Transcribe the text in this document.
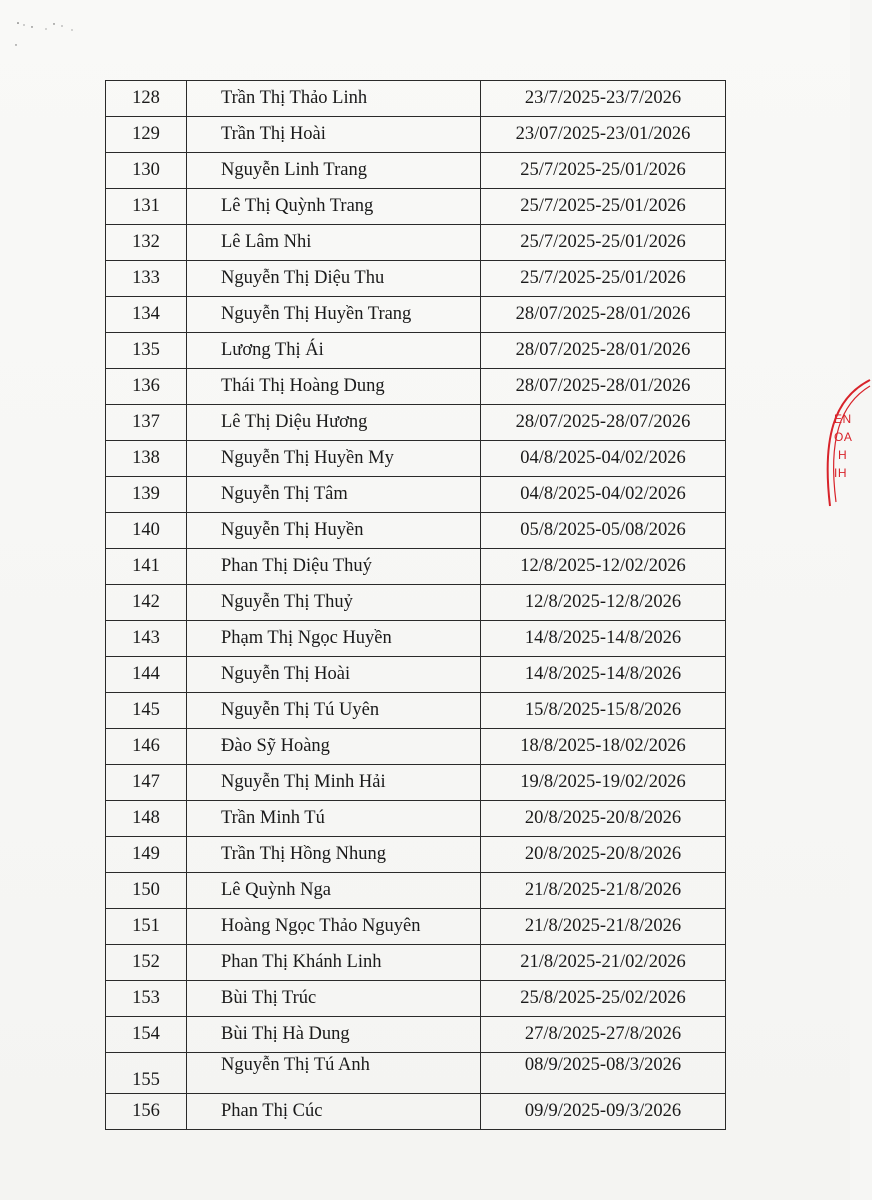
128	Trần Thị Thảo Linh	23/7/2025-23/7/2026
129	Trần Thị Hoài	23/07/2025-23/01/2026
130	Nguyễn Linh Trang	25/7/2025-25/01/2026
131	Lê Thị Quỳnh Trang	25/7/2025-25/01/2026
132	Lê Lâm Nhi	25/7/2025-25/01/2026
133	Nguyễn Thị Diệu Thu	25/7/2025-25/01/2026
134	Nguyễn Thị Huyền Trang	28/07/2025-28/01/2026
135	Lương Thị Ái	28/07/2025-28/01/2026
136	Thái Thị Hoàng Dung	28/07/2025-28/01/2026
137	Lê Thị Diệu Hương	28/07/2025-28/07/2026
138	Nguyễn Thị Huyền My	04/8/2025-04/02/2026
139	Nguyễn Thị Tâm	04/8/2025-04/02/2026
140	Nguyễn Thị Huyền	05/8/2025-05/08/2026
141	Phan Thị Diệu Thuý	12/8/2025-12/02/2026
142	Nguyễn Thị Thuỷ	12/8/2025-12/8/2026
143	Phạm Thị Ngọc Huyền	14/8/2025-14/8/2026
144	Nguyễn Thị Hoài	14/8/2025-14/8/2026
145	Nguyễn Thị Tú Uyên	15/8/2025-15/8/2026
146	Đào Sỹ Hoàng	18/8/2025-18/02/2026
147	Nguyễn Thị Minh Hải	19/8/2025-19/02/2026
148	Trần Minh Tú	20/8/2025-20/8/2026
149	Trần Thị Hồng Nhung	20/8/2025-20/8/2026
150	Lê Quỳnh Nga	21/8/2025-21/8/2026
151	Hoàng Ngọc Thảo Nguyên	21/8/2025-21/8/2026
152	Phan Thị Khánh Linh	21/8/2025-21/02/2026
153	Bùi Thị Trúc	25/8/2025-25/02/2026
154	Bùi Thị Hà Dung	27/8/2025-27/8/2026
155	Nguyễn Thị Tú Anh	08/9/2025-08/3/2026
156	Phan Thị Cúc	09/9/2025-09/3/2026
ĖN
OA
H
ΙΗ
